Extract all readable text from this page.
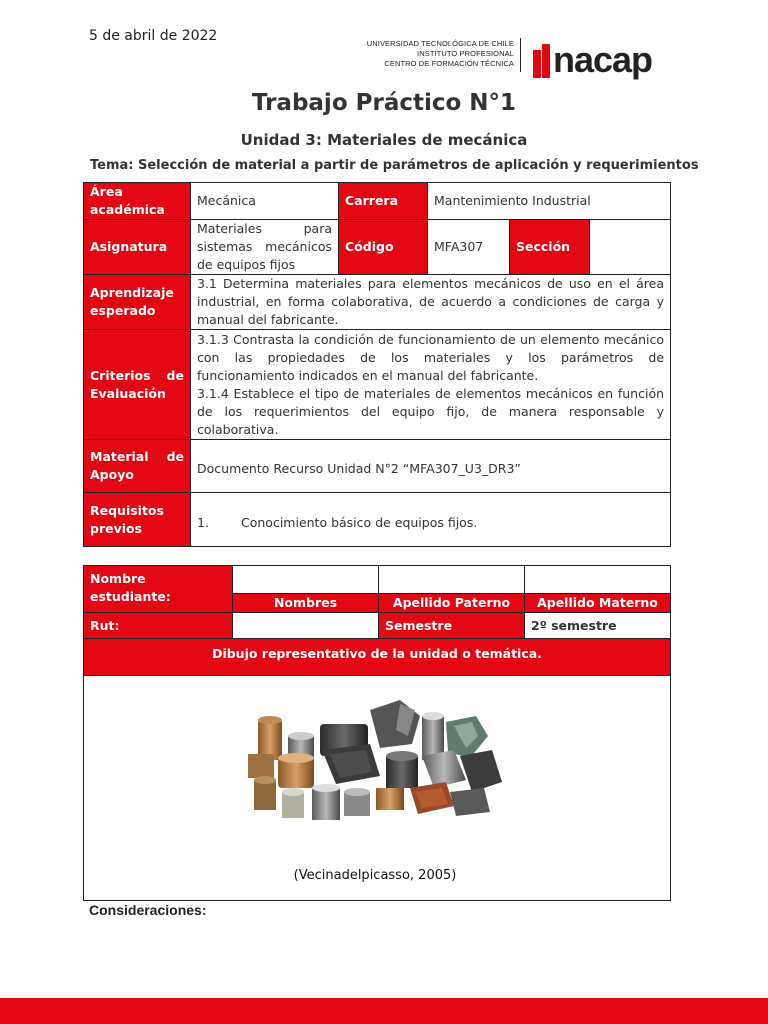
5 de abril de 2022	UNIVERSIDAD TECNOLÓGICA DE CHILE
INSTITUTO PROFESIONAL
CENTRO DE FORMACIÓN TÉCNICA nacap
Trabajo Práctico N°1
Unidad 3: Materiales de mecánica
Tema: Selección de material a partir de parámetros de aplicación y requerimientos
Área académica	Mecánica	Carrera	Mantenimiento Industrial		
Asignatura	Materiales para sistemas mecánicos de equipos fijos	Código	MFA307	Sección	
Aprendizaje esperado	3.1 Determina materiales para elementos mecánicos de uso en el área industrial, en forma colaborativa, de acuerdo a condiciones de carga y manual del fabricante.				
Criterios de Evaluación	3.1.3 Contrasta la condición de funcionamiento de un elemento mecánico con las propiedades de los materiales y los parámetros de funcionamiento indicados en el manual del fabricante.
3.1.4 Establece el tipo de materiales de elementos mecánicos en función de los requerimientos del equipo fijo, de manera responsable y colaborativa.				

Material de Apoyo	Documento Recurso Unidad N°2 “MFA307_U3_DR3”				
Requisitos previos	1. Conocimiento básico de equipos fijos.				
Nombre estudiante:			
	Nombres	Apellido Paterno	Apellido Materno
Rut:		Semestre	2º semestre
Dibujo representativo de la unidad o temática.			

(Vecinadelpicasso, 2005)
Consideraciones:
